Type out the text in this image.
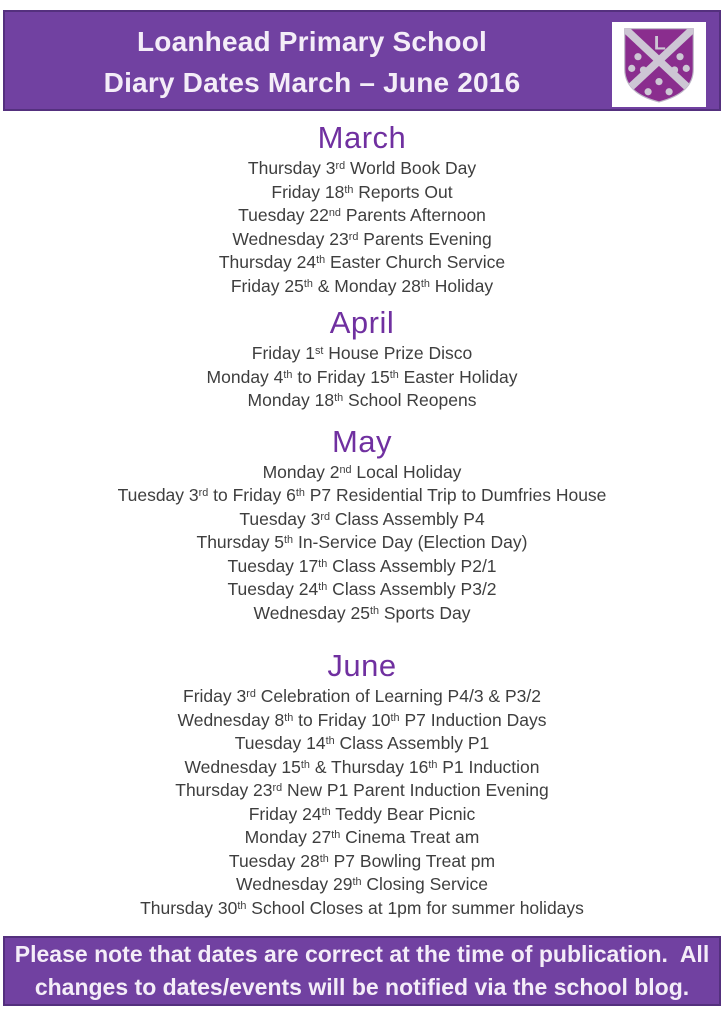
Loanhead Primary School
Diary Dates March – June 2016
L
March
Thursday 3rd World Book Day
Friday 18th Reports Out
Tuesday 22nd Parents Afternoon
Wednesday 23rd Parents Evening
Thursday 24th Easter Church Service
Friday 25th & Monday 28th Holiday
April
Friday 1st House Prize Disco
Monday 4th to Friday 15th Easter Holiday
Monday 18th School Reopens
May
Monday 2nd Local Holiday
Tuesday 3rd to Friday 6th P7 Residential Trip to Dumfries House
Tuesday 3rd Class Assembly P4
Thursday 5th In-Service Day (Election Day)
Tuesday 17th Class Assembly P2/1
Tuesday 24th Class Assembly P3/2
Wednesday 25th Sports Day
June
Friday 3rd Celebration of Learning P4/3 & P3/2
Wednesday 8th to Friday 10th P7 Induction Days
Tuesday 14th Class Assembly P1
Wednesday 15th & Thursday 16th P1 Induction
Thursday 23rd New P1 Parent Induction Evening
Friday 24th Teddy Bear Picnic
Monday 27th Cinema Treat am
Tuesday 28th P7 Bowling Treat pm
Wednesday 29th Closing Service
Thursday 30th School Closes at 1pm for summer holidays
Please note that dates are correct at the time of publication.  All
changes to dates/events will be notified via the school blog.
